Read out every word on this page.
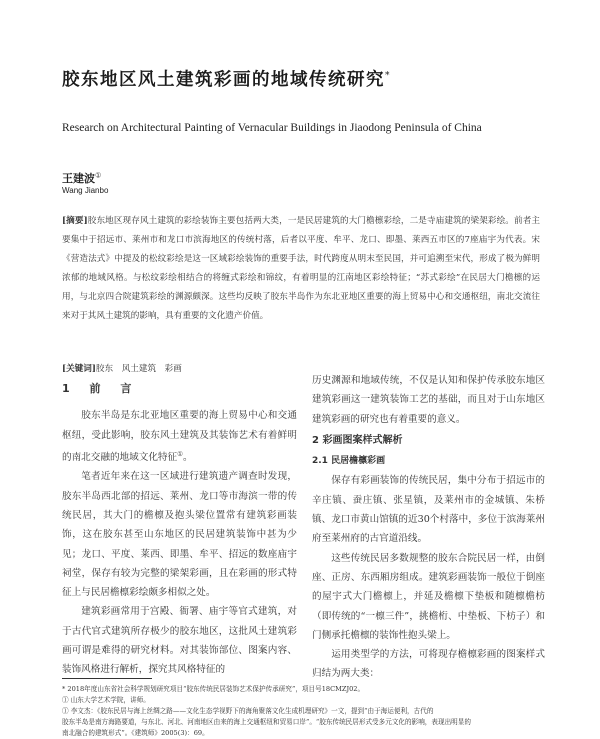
胶东地区风土建筑彩画的地域传统研究*
Research on Architectural Painting of Vernacular Buildings in Jiaodong Peninsula of China
王建波①
Wang Jianbo
[摘要]胶东地区现存风土建筑的彩绘装饰主要包括两大类，一是民居建筑的大门檐檩彩绘，二是寺庙建筑的梁架彩绘。前者主要集中于招远市、莱州市和龙口市滨海地区的传统村落，后者以平度、牟平、龙口、即墨、莱西五市区的7座庙宇为代表。宋《营造法式》中提及的松纹彩绘是这一区域彩绘装饰的重要手法，时代跨度从明末至民国，并可追溯至宋代，形成了极为鲜明浓郁的地域风格。与松纹彩绘相结合的将缠式彩绘和锦纹，有着明显的江南地区彩绘特征；“苏式彩绘”在民居大门檐檩的运用，与北京四合院建筑彩绘的渊源颇深。这些均反映了胶东半岛作为东北亚地区重要的海上贸易中心和交通枢纽，南北交流往来对于其风土建筑的影响，具有重要的文化遗产价值。
[关键词]胶东　风土建筑　彩画
1 前 言

胶东半岛是东北亚地区重要的海上贸易中心和交通枢纽，受此影响，胶东风土建筑及其装饰艺术有着鲜明的南北交融的地域文化特征①。

笔者近年来在这一区域进行建筑遗产调查时发现，胶东半岛西北部的招远、莱州、龙口等市海滨一带的传统民居，其大门的檐檩及抱头梁位置常有建筑彩画装饰，这在胶东甚至山东地区的民居建筑装饰中甚为少见；龙口、平度、莱西、即墨、牟平、招远的数座庙宇祠堂，保存有较为完整的梁架彩画，且在彩画的形式特征上与民居檐檩彩绘颇多相似之处。

建筑彩画常用于宫殿、衙署、庙宇等官式建筑，对于古代官式建筑所存极少的胶东地区，这批风土建筑彩画可谓是难得的研究材料。对其装饰部位、图案内容、装饰风格进行解析，探究其风格特征的

历史渊源和地域传统，不仅是认知和保护传承胶东地区建筑彩画这一建筑装饰工艺的基础，而且对于山东地区建筑彩画的研究也有着重要的意义。

2 彩画图案样式解析
2.1 民居檐檩彩画

保存有彩画装饰的传统民居，集中分布于招远市的辛庄镇、蚕庄镇、张星镇，及莱州市的金城镇、朱桥镇、龙口市黄山馆镇的近30个村落中，多位于滨海莱州府至莱州府的古官道沿线。

这些传统民居多数规整的胶东合院民居一样，由倒座、正房、东西厢房组成。建筑彩画装饰一般位于倒座的屋宇式大门檐檩上，并延及檐檩下垫板和随檩檐枋（即传统的“一檩三件”，挑檐桁、中垫板、下枋子）和门侧承托檐檩的装饰性抱头梁上。

运用类型学的方法，可将现存檐檩彩画的图案样式归结为两大类：

* 2018年度山东省社会科学规划研究项目“胶东传统民居装饰艺术保护传承研究”，项目号18CMZJ02。
① 山东大学艺术学院，讲师。
① 李文杰：《胶东民居与海上丝绸之路——文化生态学视野下的海角聚落文化生成机理研究》一文，提到“由于海运便利，古代的
胶东半岛是南方海路要道，与东北、河北、河南地区由来的海上交通枢纽和贸易口岸”。“胶东传统民居形式受多元文化的影响，表现出明显的
南北融合的建筑形式”。《建筑师》2005(3)：69。
